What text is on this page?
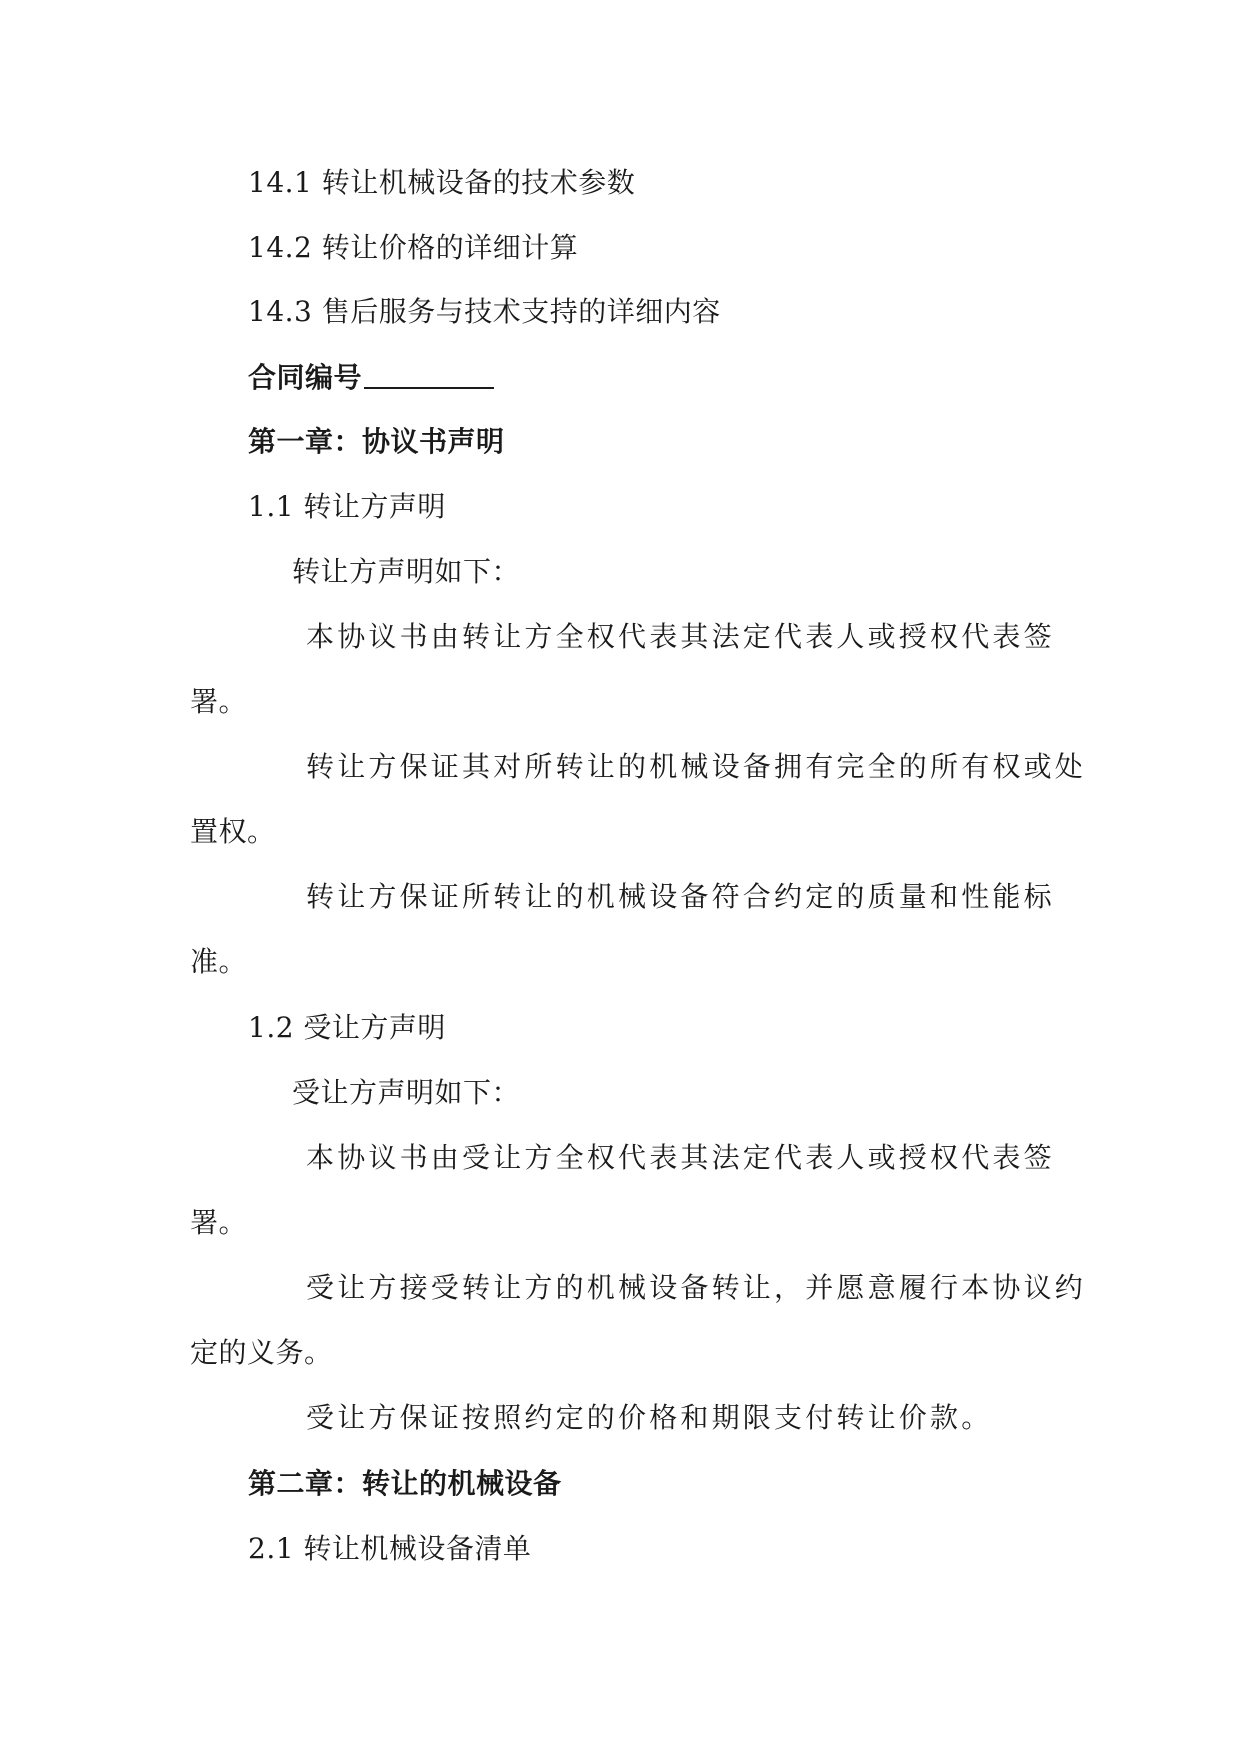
14.1 转让机械设备的技术参数
14.2 转让价格的详细计算
14.3 售后服务与技术支持的详细内容
合同编号
第一章：协议书声明
1.1 转让方声明
转让方声明如下：
本协议书由转让方全权代表其法定代表人或授权代表签
署。
转让方保证其对所转让的机械设备拥有完全的所有权或处
置权。
转让方保证所转让的机械设备符合约定的质量和性能标
准。
1.2 受让方声明
受让方声明如下：
本协议书由受让方全权代表其法定代表人或授权代表签
署。
受让方接受转让方的机械设备转让，并愿意履行本协议约
定的义务。
受让方保证按照约定的价格和期限支付转让价款。
第二章：转让的机械设备
2.1 转让机械设备清单
